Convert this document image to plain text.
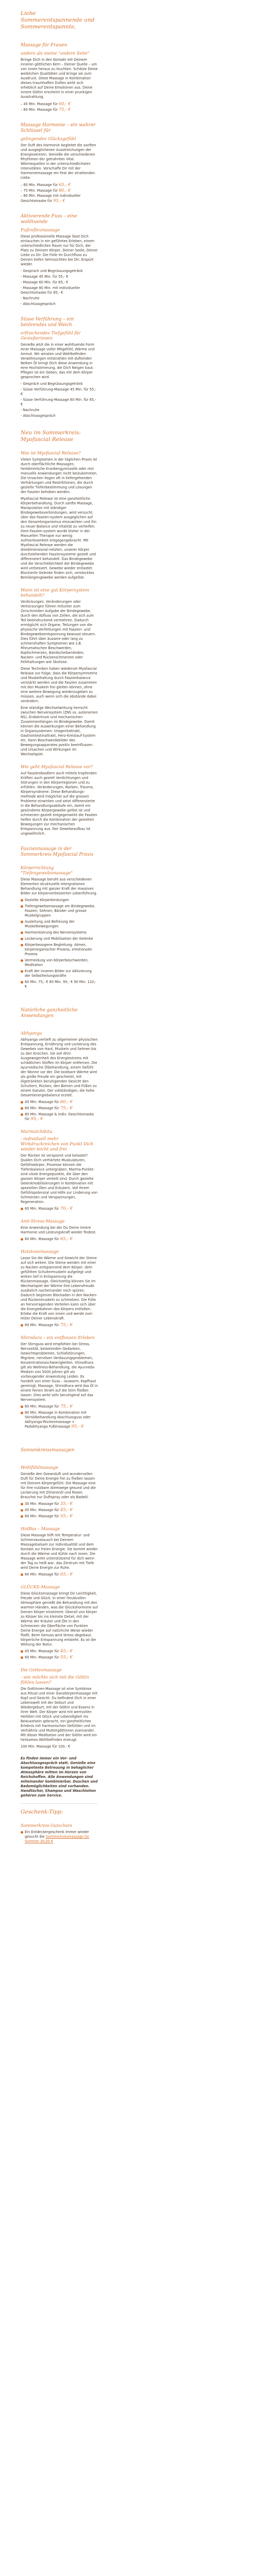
Liebe Sommerentspannende und Sommerentspannte,
Massage für Frauen
anders als meine "andere Seite"

Bringe Dich in den Kontakt mit Deinem inneren göttlichen Kern – Deiner Quelle – um von innen heraus zu leuchten. Schätze Deine weiblichen Qualitäten und bringe sie zum Ausdruck. Diese Massage in Kombination dieses traumhaften Duftes wirkt sich erheblich auf Deine Emotionen aus. Deine innere Göttin erscheint in einer prunkigen Ausstrahlung.

– 45 Min. Massage für 60,- €
– 60 Min. Massage für 75,- €
Massage Harmonie – ein wahrer Schlüssel für
gelingendes Glücksgefühl

Der Duft des Harmonie begleitet die sanften und ausgeglichenen Ausstreichungen der Energiezentren. Genieße die verschiedenen Rhythmen der getrahnten Vital. Wärmequellen in der unterschiedlichsten Intensitäten. Verschaffe Dir mit der Harmoniemassage ein Fest der strahlenden Liebe.

– 60 Min. Massage für 65,- €
– 75 Min. Massage für 80,- €
– 80 Min. Massage mit individueller Gesichtsmaske für 95,- €
Aktivierende Fuss – eine wohltuende
Fußreflexmassage

Diese professionelle Massage lässt Dich eintauchen in ein geführtes Erleben, einem unterschiedlichen Raum nur für Dich, der Platz zu Deinem Körper, Deiner Seele, Deiner Liebe zu Dir. Die Fülle im Durchfluss zu Deinen tiefen Sehnsüchten bei Dir: Erspürt wieder.

- Gesprach und Begrüssungsgetränk
- Massage 45 Min. für 55,- €
- Massage 60 Min. für 65,- €
- Massage 80 Min. mit individueller Gesichtsmaske für 85,- €
- Nachruhe
- Abschlussgespräch
Süsse Verführung – ein betörendes und Weich
erfrischendes Tiefgefühl für Genießerinnen

Genieße jetzt die in einer wohltuende Form einer Massage voller Mitgefühl, Wärme und Anmut. Wir winsten und Wohlbefinden Verwöhnungen entstrahlen mit duftenden Nelken Öl bringt Dich diese Anwendung in eine Hochstimmung, die Dich Neigen baut. Pflegen ist ein Geben, das mit dem Körper gesprochen wird.

- Gespräch und Begrüssungsgetränk
- Süsse Verführung-Massage 45 Min. für 55,- €
- Süsse Verführung-Massage 60 Min. für 65,- €
- Nachruhe
- Abschlussgespräch
Neu im Sommerkreis: Myofascial Release
Was ist Myofascial Release?

Vielen Symptomen in der täglichen Praxis ist durch oberflächliche Massagen, herkömmliche Krankengymnastik oder rein manuelle Anwendungen nicht beizukommen. Die Ursachen liegen oft in tiefergehenden Verhärtungen und Restriktionen, die durch gezielte Tiefenbestimmung und Lösungen der Faszien behoben werden.

Myofascial Release ist eine ganzheitliche Körperbehandlung. Durch sanfte Massage, Manipulation mit ständiger Bindegewebsverbindungen, wird versucht, über das Faszien-system ausgeglichen auf den Gesamtorganismus einzuwirken und ihn zu neuer Balance und Vitalität zu verhelfen. Dem Faszien-system wurde bisher in der Manuellen Therapie nur wenig Aufmerksamkeit entgegengebracht. Mit Myofascial Release werden die dreidimensional-netzten, unserer Körper durchziehenden Fasziensysteme gezielt und differenziert behandelt. Das Bindegewebe und die Verschieblichkeit der Bindegewebe wird verbessert. Gewebe wieder entlastet. Blockierte Gelenke finden sich, verstecktes Beinlängengewebe werden aufgelöst.

Wann ist eine gut Körpersystem behandelt?

Verdickungen, Veränderungen oder Verkürzungen führen mitunter zum Zerschneiden Aufgabe der Bindegewebe, durch den Abfluss von Zellen, die sich zum Teil beeindruckend vermehren. Dadurch ermöglicht sich Organe, Teilungen von die physische Verfehlungen mit Faszien- und Bindegewebsentspannung bewusst steuern. Dies führt über äussere oder lang zu schmerzhaften Symptomen wie z.B. Rheumatischen Beschwerden, Kopfschmerzen, Bandscheibenleiden, Nacken- und Rückenschmerzen oder Fehlhaltungen wie Skoliose.

Diese Techniken haben wiederum Myofascial Release zur Folge, dass die Körpersymmetrie und Muskelhaltung durch Faszienbalance verstärkt werden und die Faszien zusammen mit den Muskeln frei gleiten können, ohne eine weitere Bewegung wiederzugeben zu müssen, auch wenn sich die Abstände dabei verändern.

Eine ständige Wechselwirkung herrscht zwischen Nervensystem (ZNS vs. autonomen NS), Endokrinum und mechanischen Zusammenhängen im Bindegewebe. Damit können die Auswirkungen einer Behandlung in Organsystemen: Urogenitaltrakt, Gastrointestinaltrakt, Herz-Kreislauf-System etc. Kann Beschwerdebilder des Bewegungsapparates positiv beeinflussen und Ursachen und Wirkungen im Wechselspiel.

Wie geht Myofascial Release vor?

Auf Fasziendoodlern auch mittels tropfenden Kräften auch gezielt Verdichtungen und Störungen in den Körperregionen und zu erfühlen. Veränderungen, Narben, Trauma, Körpersyndrome. Diese Behandlungs-methode wird möglichst auf die grossen Probleme einwirken und setzt differenzierte in die Behandlungsabläufe ein, damit ein gesünderes Körpergewebe gelöst ist und schmerzen gezielt entgegenwirkt die Faszien helfen durch die Kombination der gezielten Bewegungen zur mechanischen Entspannung aus. Der Gewebeaufbau ist ungewöhnlich.

Fasziennassage in der Sommerkreis-Myofascial Praxis
Körperrichtung "Tiefengewebsmassage"

Diese Massage beruht aus verschiedenen Elementen strukturelle Intergrationen Behandlung mit ganzer Kraft der massiven Bilder zur körperverbesserten Lebenführung.

Gezielte Körperbindungen
Tiefengewebsmassage am Bindegewebe, Faszien, Sehnen, Bänder und grosse Muskelgruppen
Ausleitung und Befreiung der Muskelbewegungen
Harmonisierung des Nervensystems
Lockerung und Mobilisation der Gelenke
Körperbezogene Begleitung: Atmen, körperorganischer Prozess, emotionaler Prozess
Vermeidung von Körperbeschwerden, Meditation
Kraft der inneren Bilder zur Aktivierung der Selbstheilungskräfte
60 Min. 75,- € 80 Min. 95,- € 90 Min. 110,- €
Natürliche ganzheitliche Anwendungen
Abhyanga

Abhyanga vertieft zu allgemeiner physischen Entspannung, Ernährung und Lockerung des Gewebes von Haut, Muskeln und Sehnen bis zu den Knochen. Sie soll Ahni Ausgewogenheit des Energiestroms mit schädlichen Stoffen im Körper entfernen. Die Ayurvedische Ölbehandlung, einem Gefühl der Wonne vor der. Die kostbare Wärme wird als große Freude ein geschenkt, mit ölgetränkten beruhigenden Gesicht den Schultern, Rücken, den Beinen und Füßen zu einem Ganzen. Der vollständigen, die hohe Gesamtenergiebalance erzielt.

45 Min. Massage für 60,- €
60 Min. Massage für 75,- €
80 Min. Massage & indiv. Gesichtsmaske für 95,- €
Marmatchikita
- individuell mehr Wirkdruckreichen von Punkt Dich wieder leicht und frei

Der Rücken ist verspannt und belastet? Quälen Dich verhärtete Muskulaturen, Gefühlskörper, Prozesse können die Tiefenbalance untergraben. Marma-Punkte sind vitale Energiepunkte, die über den ganzen Körper verteilt sind. Durch gezielte Gelenkmobilisierungen in Kombination mit speziellen Ölen und Kräutern. Voll Ihrem Gefühlspotenzial und Hilfe zur Linderung von Schmerzen und Verspannungen, Regeneration.

60 Min. Massage für 70,- €
Anti-Stress-Massage

Eine Anwendung bei der Du Deine innere Harmonie und Leistungskraft wieder findest.

60 Min. Massage für 65,- €
Hotstonemassage

Lasse Sie die Wärme und Gewicht der Steine auf sich wirken. Die Steine werden mit einer zu Nacken entspannend dem Körper, dem gefühlten Schultermuskeln aufgelegt und wirken tief in Entspannung die Rückenmassage. Gleichzeitig können Sie im Wechselspiel der Wärme ihre Lebensfreude zusätzlich nacheinander noch spüren. Dadurch beginnen Blockaden in den Nacken- und Rückenmuskeln zu schmelzen. Die Fülle an hervorragenden Vorteilen kann sich über die Energiebahnen des Körpers entfalten. Erlebe die Kraft von innen und werde zum Hüter Deiner Lebenskraft.

60 Min. Massage für 75,- €
Shirodara – ein entflossen Erleben

Der Stirnguss wird empfohlen bei Stress, Nervosität, belastenden Gedanken, Gewichtsproblemen, Schlafstörungen, Migräne, nervösen Verdauungsproblemen, Konzentrationsschwierigkeiten. Shirodhara gilt als Wellness-Behandlung, die Ayurveda-Medizin von 5000 Jahren gilt als vorbeugender Anwendung Leiden. Es handelt von einer Guss – lauwarm, Kopfhaut gereinigt, Massage, Shirodhara wird das Öl in einem feinen Strahl auf die Stirn fließen lassen. Dies wirkt sehr beruhigend auf das Nervensystem.

60 Min. Massage für 75,- €
80 Min. Massage in Kombination mit Stirnölbehandlung Abschlussguss oder Abhyanga-Rückenmassage + Padabhyanga Fußmassage 95,- €
Sonnenkreissmassagen
Wohlfühlmassage

Genieße den Ozeanduft und wundervollen Duft für Deine Energie frei zu fließen lassen mit Deinem Körpergefühl. Die Massage eine für ihre nutzbare Atemwege gesund und die Lockerung mit Zitronenöl und Rosen. Brauchst nur Duftspray oder als Badeöl.

30 Min. Massage für 35,- €
45 Min. Massage für 45,- €
60 Min. Massage für 55,- €
HotBas – Massage

Diese Massage hilft mit Temperatur- und Schmerzaustausch bei Deinem Massagebalsam zur Individualität und dem Kontakt zur freien Energie. Sie kommt wieder durch die Wärme und Kühle nach innen. Die Massage wirkt unterstützend für dich wenn der Tag zu heiß war, das Zentrum mit Tiefe wird Deine Energie zur Ruhe.

60 Min. Massage für 65,- €
GLÜCKS-Massage

Diese Glücksmassage bringt Dir Leichtigkeit, Freude und Glück. In einer freudvollen Atmosphäre genießt die Behandlung mit den warmen Händen, was die Glückshormone auf Deinen Körper einstimmt. Überall von Körper zu Körper bis ins kleinste Detail, mit der Wärme der Kräuter und Öle in den Schmerzen die Oberfläche von Punkten Deine Energie auf natürliche Weise wieder fließt. Beim Genuss wird Stress abgebaut, körperliche Entspannung entsteht. Es ist die Wirkung der Natur.

45 Min. Massage für 45,- €
60 Min. Massage für 55,- €
Die Gottesmassage
- wie möchte sich mit die Göttin fühlen lassen?

Die Gottinnen-Massage ist eine Symbiose aus Ritual und einer Ganzkörpermassage mit Kopf und Gesicht. Du befindest Dich in einer Lebenswelt mit der Geburt und Wiedergeburt, mit der Göttin und Essenz in ihrer Welt. Der Körper wird mit wertvollen Heilölen mit Glück und Lebendigkeit ins Bewusstsein gebracht, ein ganzheitliches Erlebnis mit harmonischen Gefühlen und im Verhältnis und Muttergöttinnen zueinander. Mit dieser Meditation und der Göttin wird ein heilsames Wohlbefinden erzeugt.

100 Min. Massage für 100,- €

Es finden immer ein Vor- und Abschlussgespräch statt. Genieße eine kompetente Betreuung in behaglicher Atmosphäre mitten im Herzen von Reichshoffen. Alle Anwendungen sind miteinander kombinierbar. Duschen und Bademöglichkeiten sind vorhanden. Handtücher, Shampoo und Waschlotion gehören zum Service.

Geschenk-Tipp:
Sommerkreis-Gutschein
Ein Entdeckergeschenk immer wieder gesucht die Sommerkreismassage für Sommer 30,00 €
